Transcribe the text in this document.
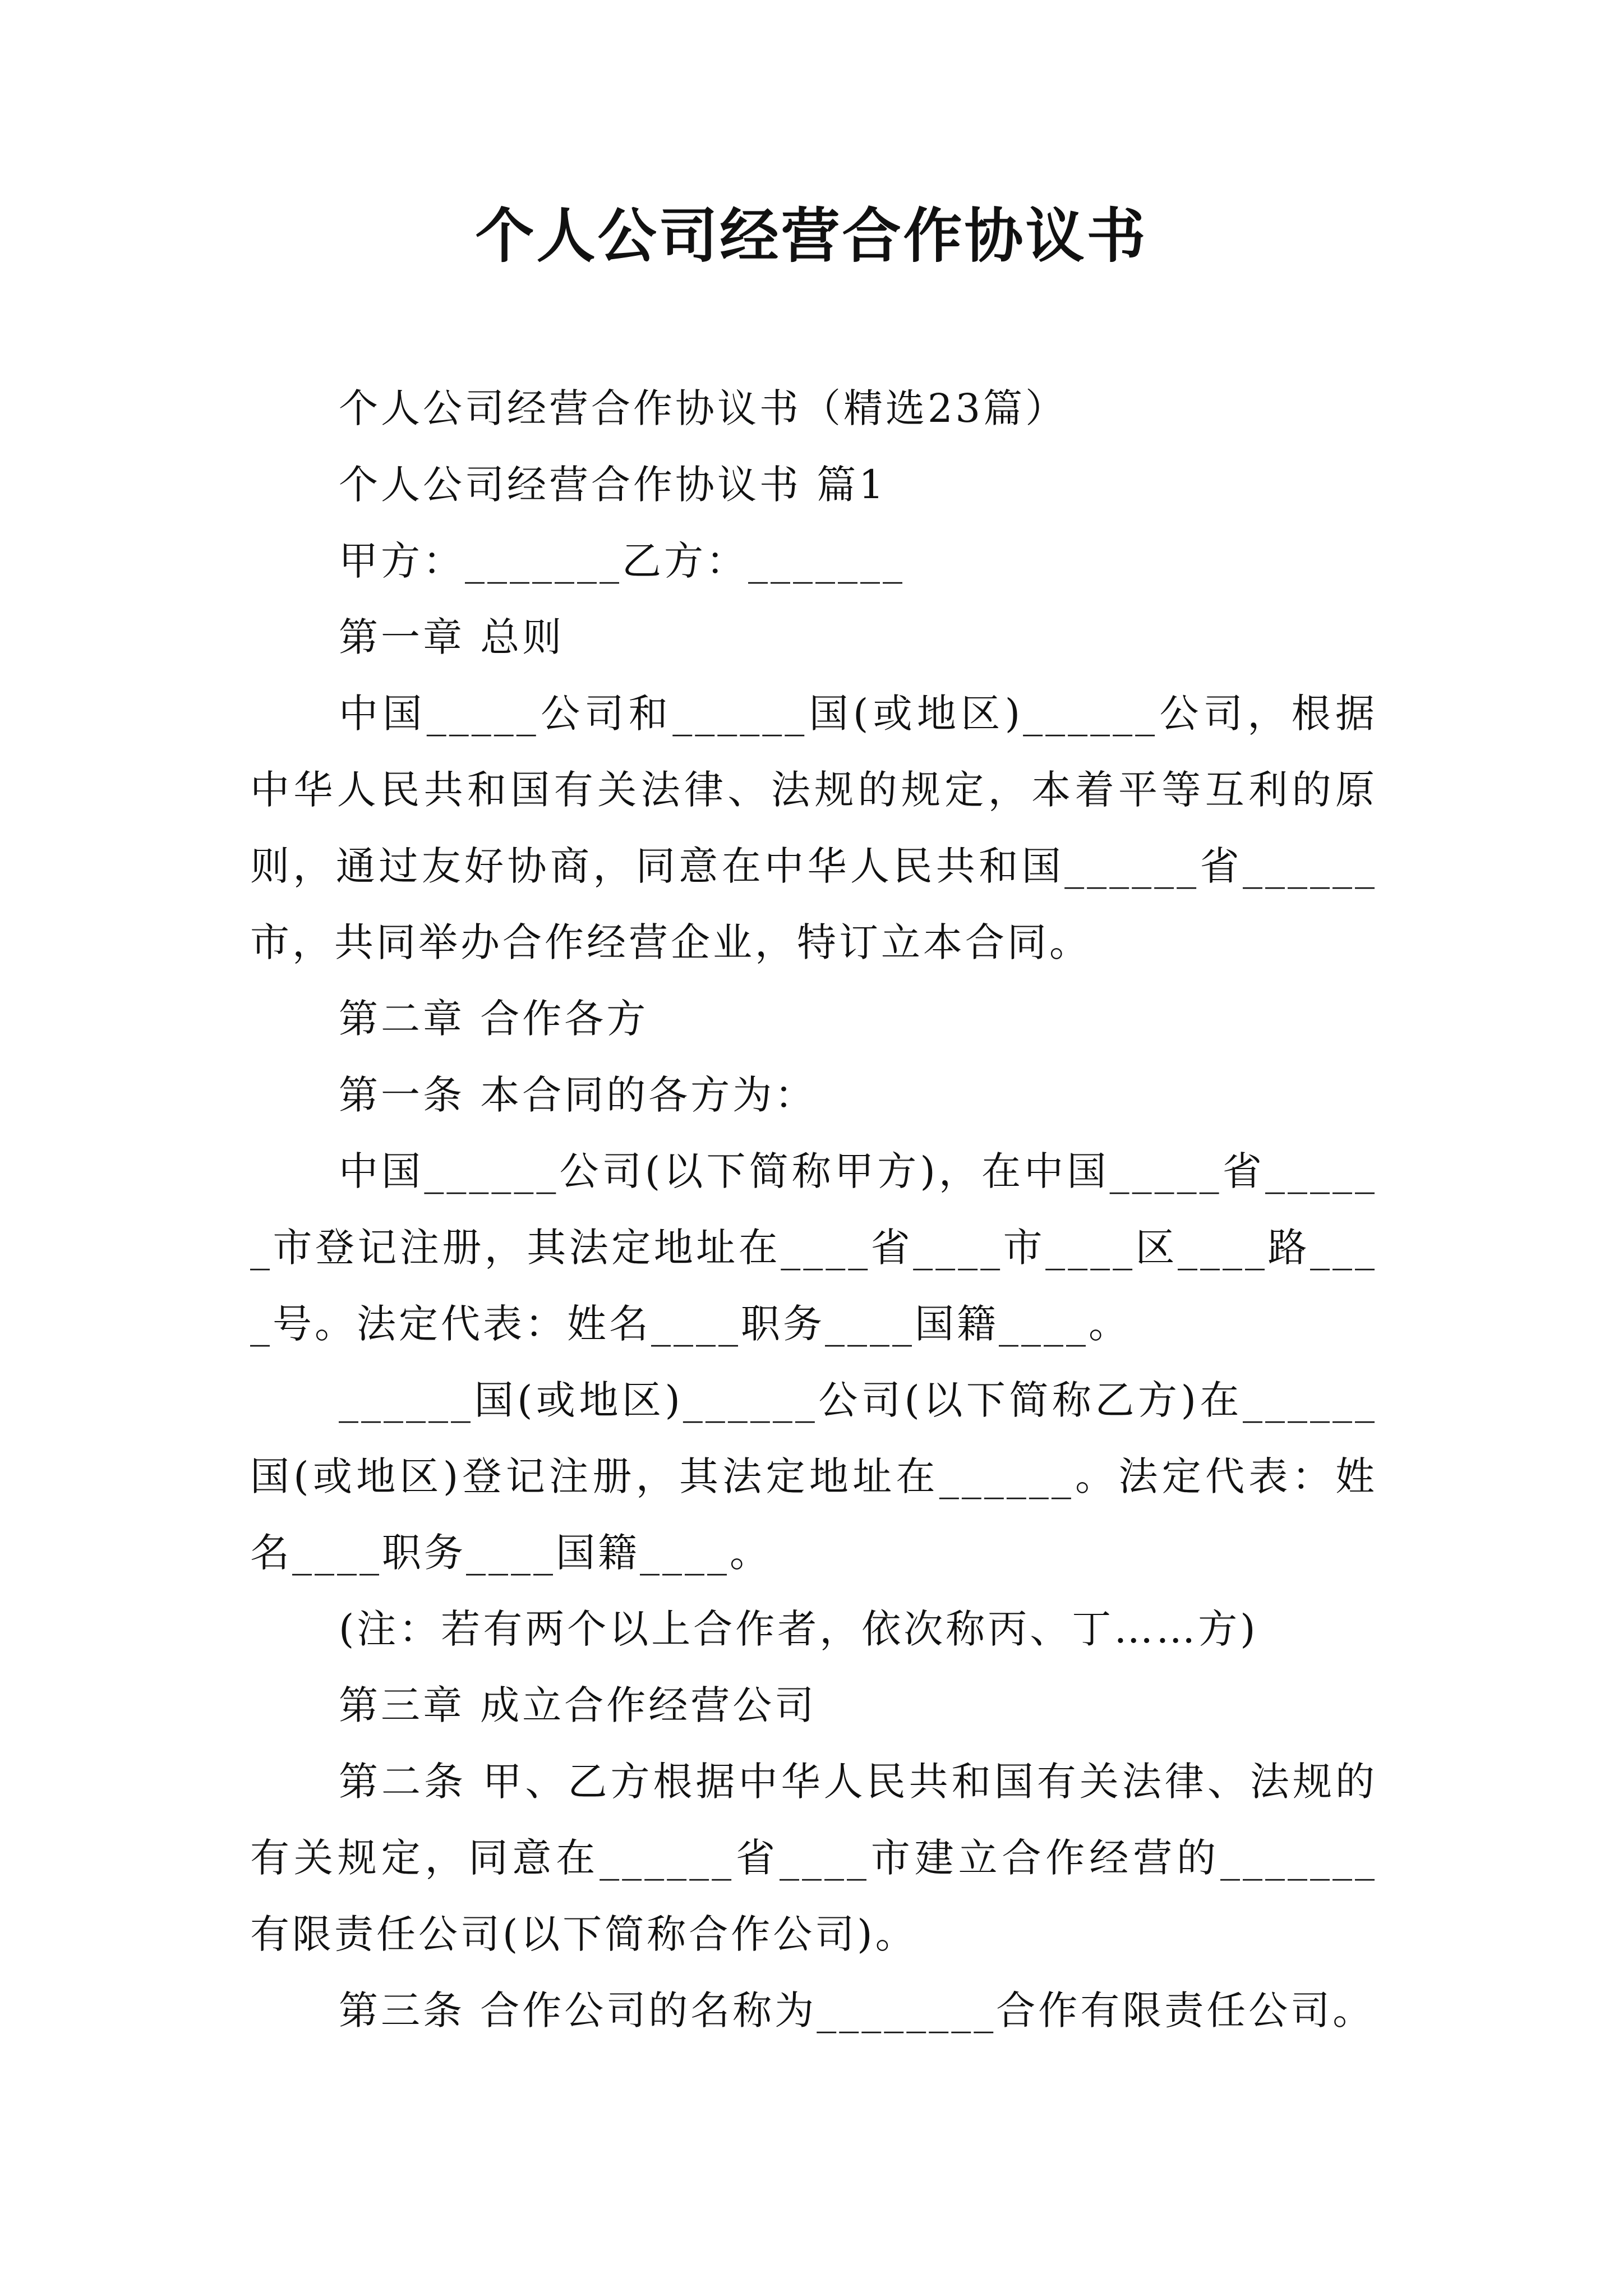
个人公司经营合作协议书

个人公司经营合作协议书（精选23篇）

个人公司经营合作协议书 篇1

甲方：_______乙方：_______

第一章 总则

中国_____公司和______国(或地区)______公司，根据中华人民共和国有关法律、法规的规定，本着平等互利的原则，通过友好协商，同意在中华人民共和国______省______市，共同举办合作经营企业，特订立本合同。

第二章 合作各方

第一条 本合同的各方为：

中国______公司(以下简称甲方)，在中国_____省______市登记注册，其法定地址在____省____市____区____路____号。法定代表：姓名____职务____国籍____。

______国(或地区)______公司(以下简称乙方)在______国(或地区)登记注册，其法定地址在______。法定代表：姓名____职务____国籍____。

(注：若有两个以上合作者，依次称丙、丁……方)

第三章 成立合作经营公司

第二条 甲、乙方根据中华人民共和国有关法律、法规的有关规定，同意在______省____市建立合作经营的_______有限责任公司(以下简称合作公司)。

第三条 合作公司的名称为________合作有限责任公司。
